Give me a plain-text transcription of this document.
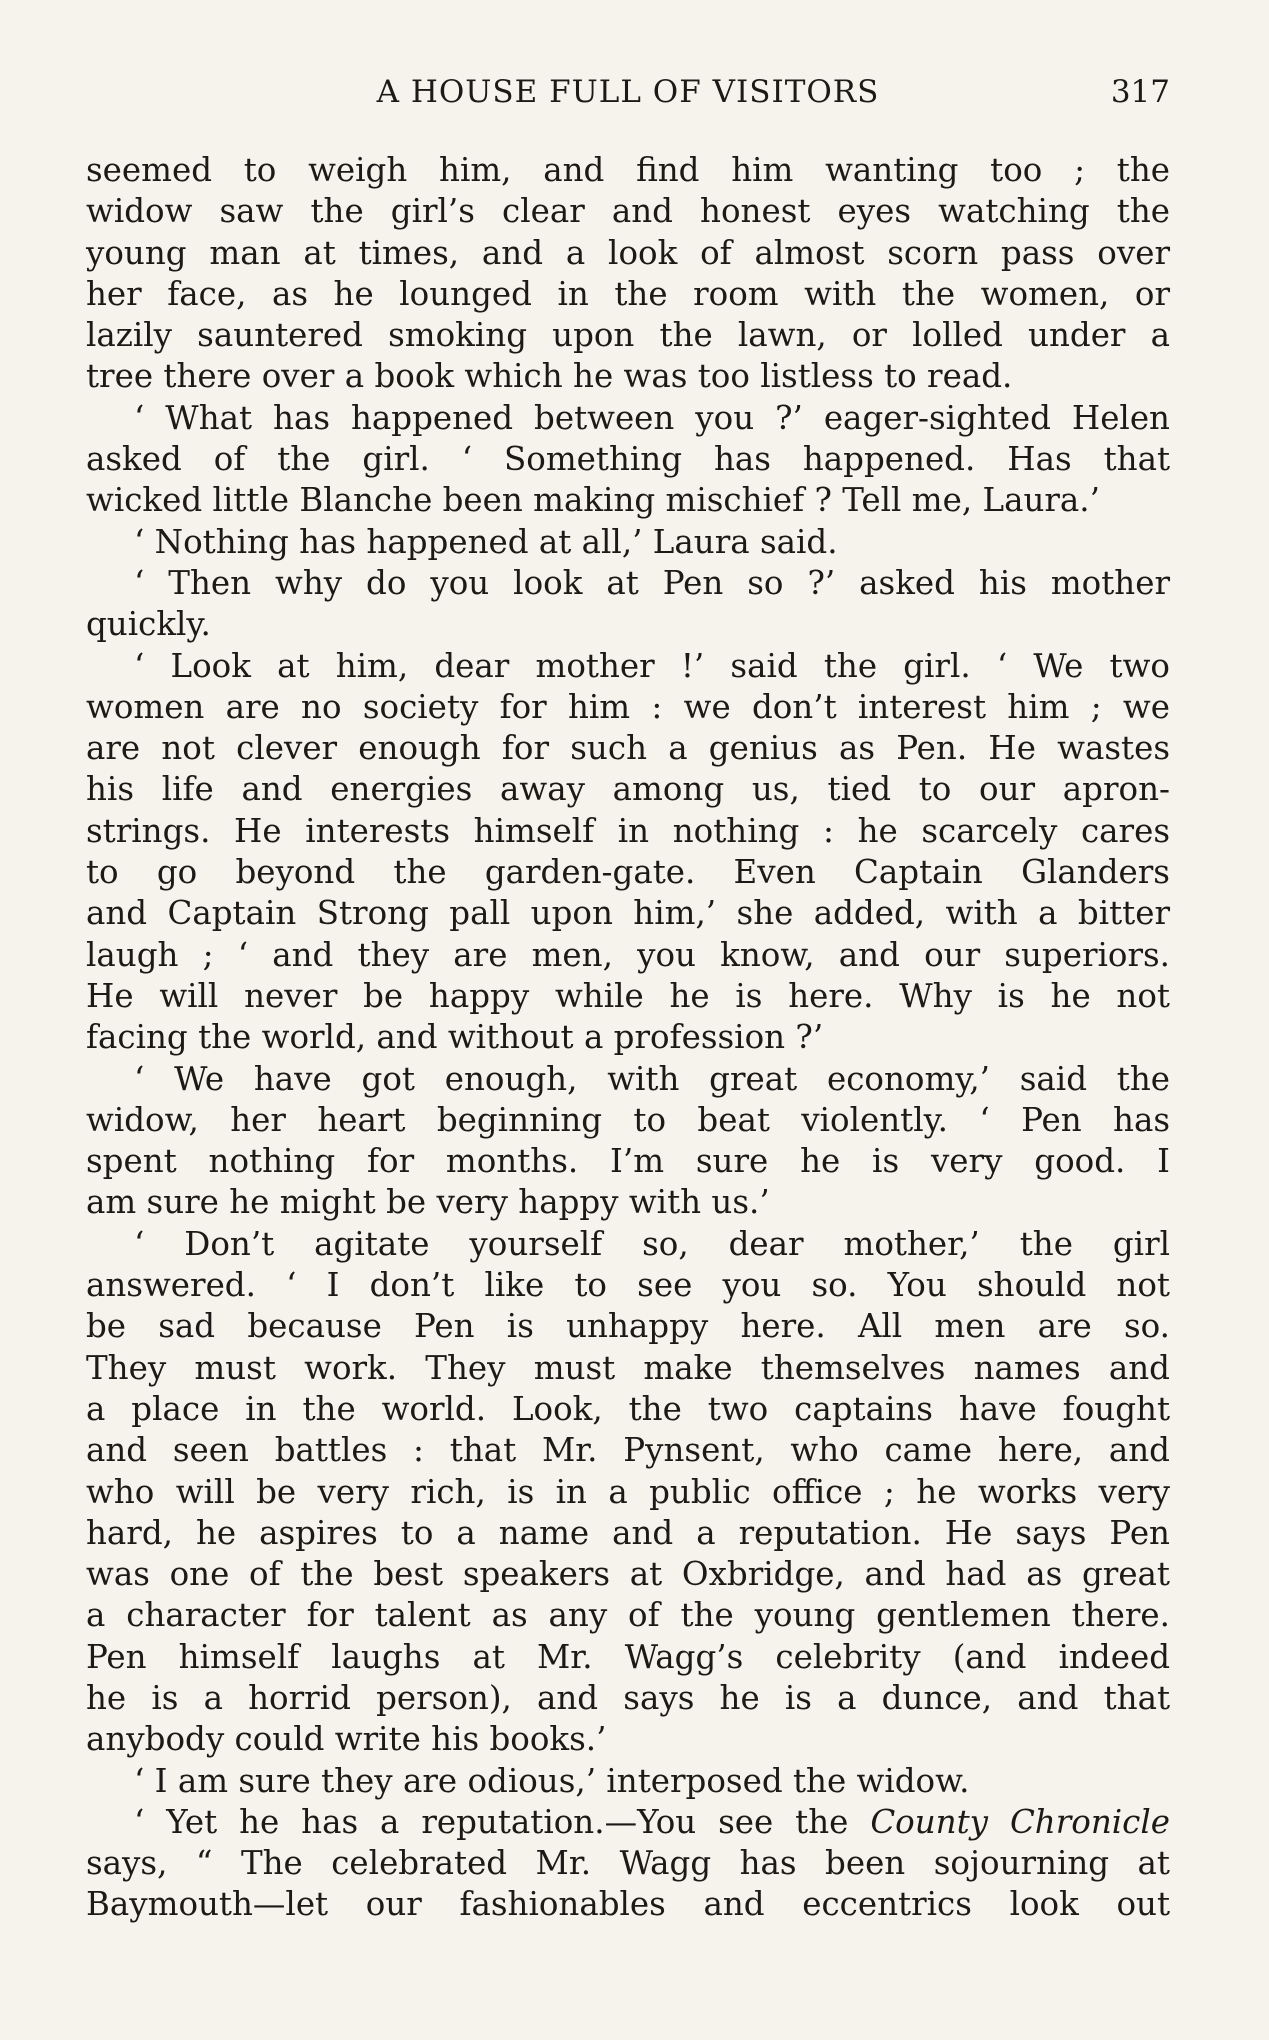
A HOUSE FULL OF VISITORS	317
seemed to weigh him, and find him wanting too ; the
widow saw the girl’s clear and honest eyes watching the
young man at times, and a look of almost scorn pass over
her face, as he lounged in the room with the women, or
lazily sauntered smoking upon the lawn, or lolled under a
tree there over a book which he was too listless to read.
‘ What has happened between you ?’ eager-sighted Helen
asked of the girl. ‘ Something has happened. Has that
wicked little Blanche been making mischief ? Tell me, Laura.’
‘ Nothing has happened at all,’ Laura said.
‘ Then why do you look at Pen so ?’ asked his mother
quickly.
‘ Look at him, dear mother !’ said the girl. ‘ We two
women are no society for him : we don’t interest him ; we
are not clever enough for such a genius as Pen. He wastes
his life and energies away among us, tied to our apron-
strings. He interests himself in nothing : he scarcely cares
to go beyond the garden-gate. Even Captain Glanders
and Captain Strong pall upon him,’ she added, with a bitter
laugh ; ‘ and they are men, you know, and our superiors.
He will never be happy while he is here. Why is he not
facing the world, and without a profession ?’
‘ We have got enough, with great economy,’ said the
widow, her heart beginning to beat violently. ‘ Pen has
spent nothing for months. I’m sure he is very good. I
am sure he might be very happy with us.’
‘ Don’t agitate yourself so, dear mother,’ the girl
answered. ‘ I don’t like to see you so. You should not
be sad because Pen is unhappy here. All men are so.
They must work. They must make themselves names and
a place in the world. Look, the two captains have fought
and seen battles : that Mr. Pynsent, who came here, and
who will be very rich, is in a public office ; he works very
hard, he aspires to a name and a reputation. He says Pen
was one of the best speakers at Oxbridge, and had as great
a character for talent as any of the young gentlemen there.
Pen himself laughs at Mr. Wagg’s celebrity (and indeed
he is a horrid person), and says he is a dunce, and that
anybody could write his books.’
‘ I am sure they are odious,’ interposed the widow.
‘ Yet he has a reputation.—You see the County Chronicle
says, “ The celebrated Mr. Wagg has been sojourning at
Baymouth—let our fashionables and eccentrics look out
